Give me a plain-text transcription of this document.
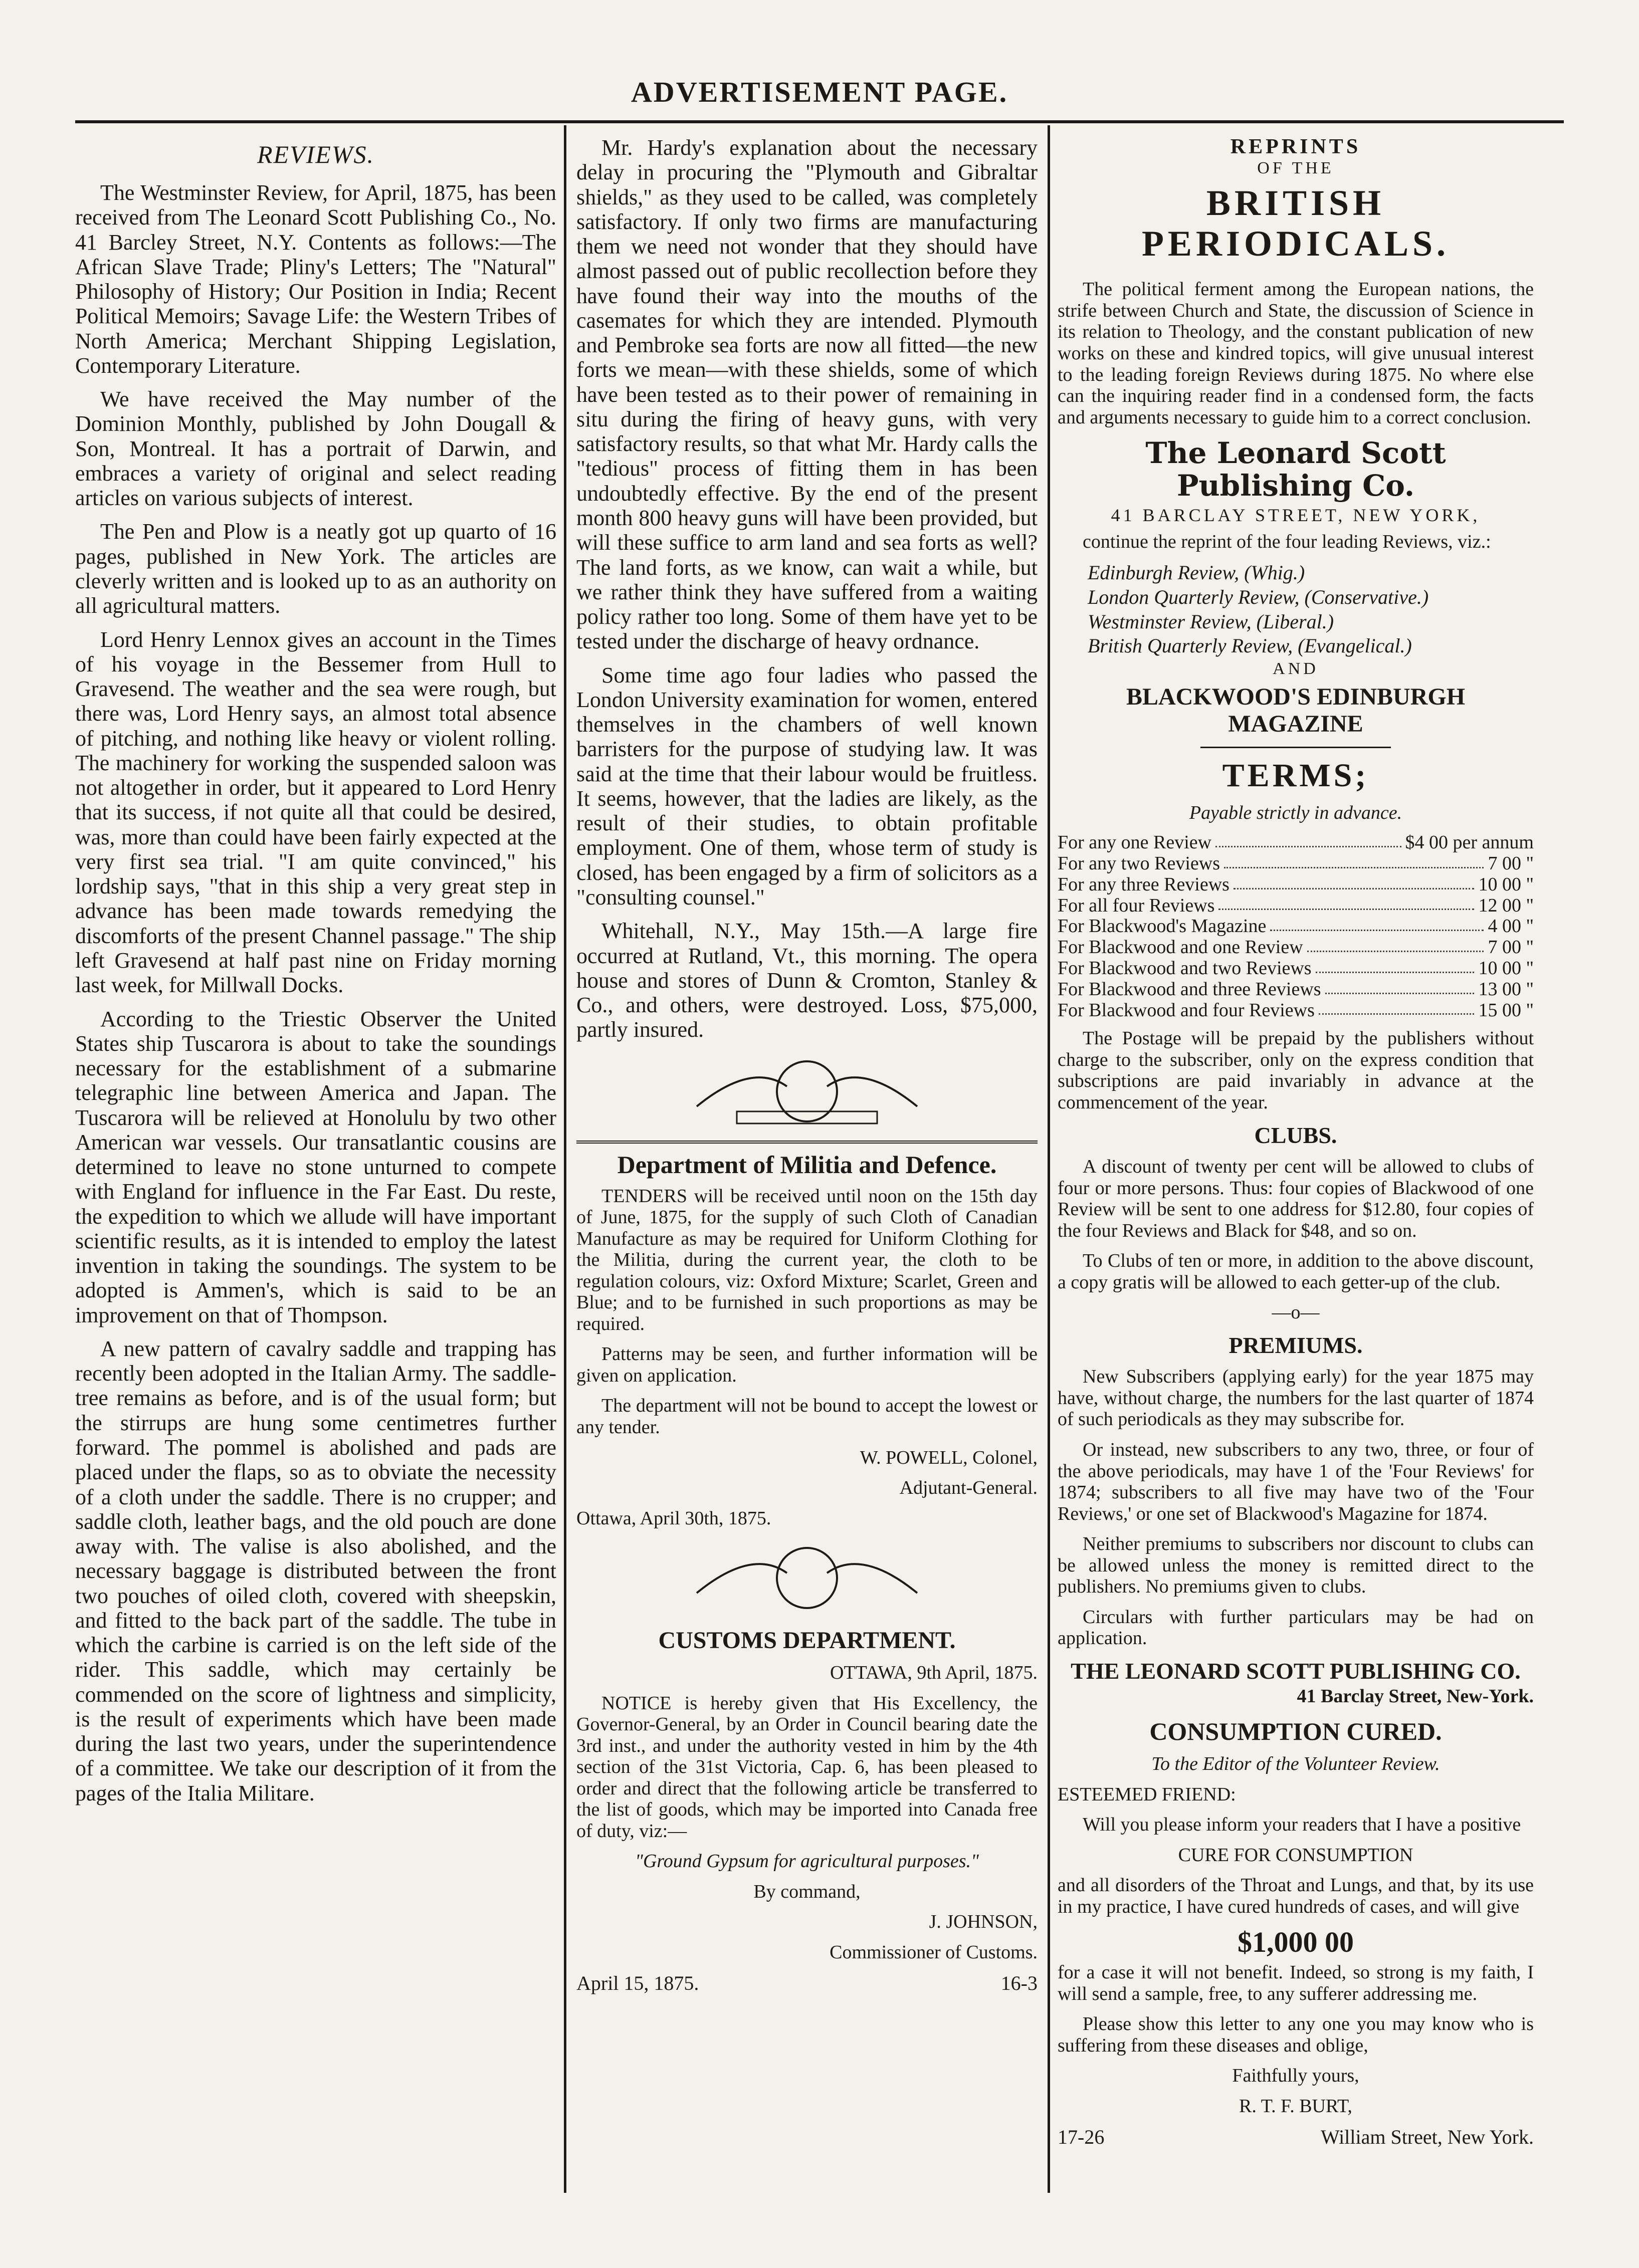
ADVERTISEMENT PAGE.
REVIEWS.

The Westminster Review, for April, 1875, has been received from The Leonard Scott Publishing Co., No. 41 Barcley Street, N.Y. Contents as follows:—The African Slave Trade; Pliny's Letters; The "Natural" Philosophy of History; Our Position in India; Recent Political Memoirs; Savage Life: the Western Tribes of North America; Merchant Shipping Legislation, Contemporary Literature.

We have received the May number of the Dominion Monthly, published by John Dougall & Son, Montreal. It has a portrait of Darwin, and embraces a variety of original and select reading articles on various subjects of interest.

The Pen and Plow is a neatly got up quarto of 16 pages, published in New York. The articles are cleverly written and is looked up to as an authority on all agricultural matters.

Lord Henry Lennox gives an account in the Times of his voyage in the Bessemer from Hull to Gravesend. The weather and the sea were rough, but there was, Lord Henry says, an almost total absence of pitching, and nothing like heavy or violent rolling. The machinery for working the suspended saloon was not altogether in order, but it appeared to Lord Henry that its success, if not quite all that could be desired, was, more than could have been fairly expected at the very first sea trial. "I am quite convinced," his lordship says, "that in this ship a very great step in advance has been made towards remedying the discomforts of the present Channel passage." The ship left Gravesend at half past nine on Friday morning last week, for Millwall Docks.

According to the Triestic Observer the United States ship Tuscarora is about to take the soundings necessary for the establishment of a submarine telegraphic line between America and Japan. The Tuscarora will be relieved at Honolulu by two other American war vessels. Our transatlantic cousins are determined to leave no stone unturned to compete with England for influence in the Far East. Du reste, the expedition to which we allude will have important scientific results, as it is intended to employ the latest invention in taking the soundings. The system to be adopted is Ammen's, which is said to be an improvement on that of Thompson.

A new pattern of cavalry saddle and trapping has recently been adopted in the Italian Army. The saddle-tree remains as before, and is of the usual form; but the stirrups are hung some centimetres further forward. The pommel is abolished and pads are placed under the flaps, so as to obviate the necessity of a cloth under the saddle. There is no crupper; and saddle cloth, leather bags, and the old pouch are done away with. The valise is also abolished, and the necessary baggage is distributed between the front two pouches of oiled cloth, covered with sheepskin, and fitted to the back part of the saddle. The tube in which the carbine is carried is on the left side of the rider. This saddle, which may certainly be commended on the score of lightness and simplicity, is the result of experiments which have been made during the last two years, under the superintendence of a committee. We take our description of it from the pages of the Italia Militare.

Mr. Hardy's explanation about the necessary delay in procuring the "Plymouth and Gibraltar shields," as they used to be called, was completely satisfactory. If only two firms are manufacturing them we need not wonder that they should have almost passed out of public recollection before they have found their way into the mouths of the casemates for which they are intended. Plymouth and Pembroke sea forts are now all fitted—the new forts we mean—with these shields, some of which have been tested as to their power of remaining in situ during the firing of heavy guns, with very satisfactory results, so that what Mr. Hardy calls the "tedious" process of fitting them in has been undoubtedly effective. By the end of the present month 800 heavy guns will have been provided, but will these suffice to arm land and sea forts as well? The land forts, as we know, can wait a while, but we rather think they have suffered from a waiting policy rather too long. Some of them have yet to be tested under the discharge of heavy ordnance.

Some time ago four ladies who passed the London University examination for women, entered themselves in the chambers of well known barristers for the purpose of studying law. It was said at the time that their labour would be fruitless. It seems, however, that the ladies are likely, as the result of their studies, to obtain profitable employment. One of them, whose term of study is closed, has been engaged by a firm of solicitors as a "consulting counsel."

Whitehall, N.Y., May 15th.—A large fire occurred at Rutland, Vt., this morning. The opera house and stores of Dunn & Cromton, Stanley & Co., and others, were destroyed. Loss, $75,000, partly insured.

Department of Militia and Defence.

TENDERS will be received until noon on the 15th day of June, 1875, for the supply of such Cloth of Canadian Manufacture as may be required for Uniform Clothing for the Militia, during the current year, the cloth to be regulation colours, viz: Oxford Mixture; Scarlet, Green and Blue; and to be furnished in such proportions as may be required.

Patterns may be seen, and further information will be given on application.

The department will not be bound to accept the lowest or any tender.

W. POWELL, Colonel,

Adjutant-General.

Ottawa, April 30th, 1875.

CUSTOMS DEPARTMENT.

OTTAWA, 9th April, 1875.

NOTICE is hereby given that His Excellency, the Governor-General, by an Order in Council bearing date the 3rd inst., and under the authority vested in him by the 4th section of the 31st Victoria, Cap. 6, has been pleased to order and direct that the following article be transferred to the list of goods, which may be imported into Canada free of duty, viz:—

"Ground Gypsum for agricultural purposes."

By command,

J. JOHNSON,

Commissioner of Customs.

April 15, 1875.	16-3
REPRINTS
OF THE
BRITISH PERIODICALS.

The political ferment among the European nations, the strife between Church and State, the discussion of Science in its relation to Theology, and the constant publication of new works on these and kindred topics, will give unusual interest to the leading foreign Reviews during 1875. No where else can the inquiring reader find in a condensed form, the facts and arguments necessary to guide him to a correct conclusion.

The Leonard Scott Publishing Co.
41 BARCLAY STREET, NEW YORK,

continue the reprint of the four leading Reviews, viz.:

Edinburgh Review, (Whig.)
London Quarterly Review, (Conservative.)
Westminster Review, (Liberal.)
British Quarterly Review, (Evangelical.)
AND
BLACKWOOD'S EDINBURGH MAGAZINE
TERMS;

Payable strictly in advance.

For any one Review	$4 00 per annum
For any two Reviews	7 00 "
For any three Reviews	10 00 "
For all four Reviews	12 00 "
For Blackwood's Magazine	4 00 "
For Blackwood and one Review	7 00 "
For Blackwood and two Reviews	10 00 "
For Blackwood and three Reviews	13 00 "
For Blackwood and four Reviews	15 00 "

The Postage will be prepaid by the publishers without charge to the subscriber, only on the express condition that subscriptions are paid invariably in advance at the commencement of the year.

CLUBS.

A discount of twenty per cent will be allowed to clubs of four or more persons. Thus: four copies of Blackwood of one Review will be sent to one address for $12.80, four copies of the four Reviews and Black for $48, and so on.

To Clubs of ten or more, in addition to the above discount, a copy gratis will be allowed to each getter-up of the club.

—o—

PREMIUMS.

New Subscribers (applying early) for the year 1875 may have, without charge, the numbers for the last quarter of 1874 of such periodicals as they may subscribe for.

Or instead, new subscribers to any two, three, or four of the above periodicals, may have 1 of the 'Four Reviews' for 1874; subscribers to all five may have two of the 'Four Reviews,' or one set of Blackwood's Magazine for 1874.

Neither premiums to subscribers nor discount to clubs can be allowed unless the money is remitted direct to the publishers. No premiums given to clubs.

Circulars with further particulars may be had on application.

THE LEONARD SCOTT PUBLISHING CO.

41 Barclay Street, New-York.

CONSUMPTION CURED.

To the Editor of the Volunteer Review.

ESTEEMED FRIEND:

Will you please inform your readers that I have a positive

CURE FOR CONSUMPTION

and all disorders of the Throat and Lungs, and that, by its use in my practice, I have cured hundreds of cases, and will give

$1,000 00

for a case it will not benefit. Indeed, so strong is my faith, I will send a sample, free, to any sufferer addressing me.

Please show this letter to any one you may know who is suffering from these diseases and oblige,

Faithfully yours,

R. T. F. BURT,

17-26	William Street, New York.
